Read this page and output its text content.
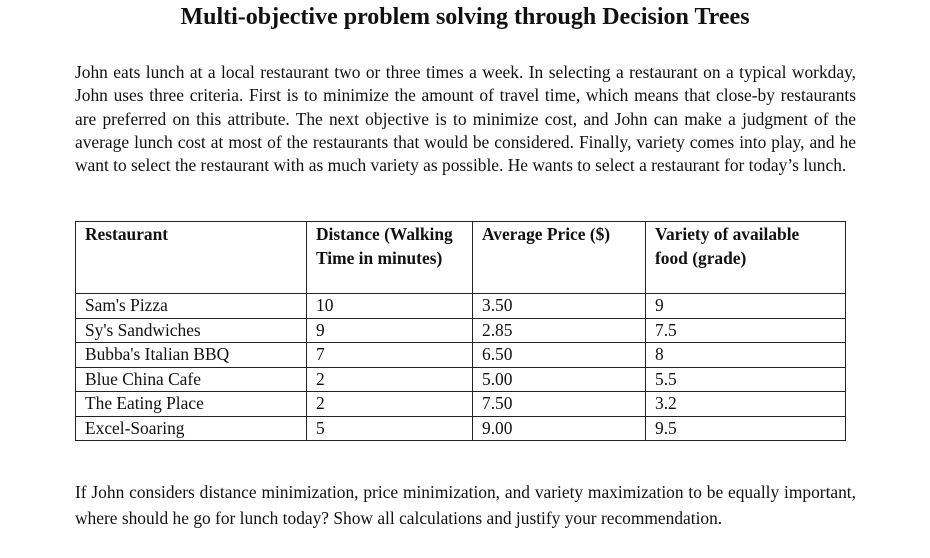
Multi-objective problem solving through Decision Trees

John eats lunch at a local restaurant two or three times a week. In selecting a restaurant on a typical workday, John uses three criteria. First is to minimize the amount of travel time, which means that close-by restaurants are preferred on this attribute. The next objective is to minimize cost, and John can make a judgment of the average lunch cost at most of the restaurants that would be considered. Finally, variety comes into play, and he want to select the restaurant with as much variety as possible. He wants to select a restaurant for today’s lunch.

Restaurant	Distance (Walking Time in minutes)	Average Price ($)	Variety of available food (grade)
Sam's Pizza	10	3.50	9
Sy's Sandwiches	9	2.85	7.5
Bubba's Italian BBQ	7	6.50	8
Blue China Cafe	2	5.00	5.5
The Eating Place	2	7.50	3.2
Excel-Soaring	5	9.00	9.5

If John considers distance minimization, price minimization, and variety maximization to be equally important, where should he go for lunch today? Show all calculations and justify your recommendation.
